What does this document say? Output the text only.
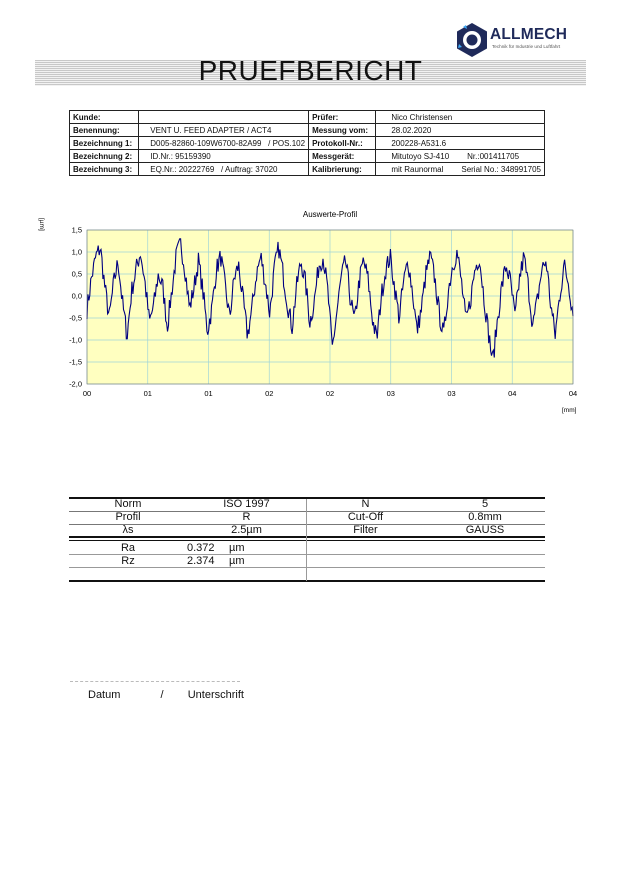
ALLMECH
Technik für Industrie und Luftfahrt
PRUEFBERICHT
Kunde:		Prüfer:	Nico Christensen
Benennung:	VENT U. FEED ADAPTER / ACT4	Messung vom:	28.02.2020
Bezeichnung 1:	D005-82860-109W6700-82A99 / POS.102	Protokoll-Nr.:	200228-A531.6
Bezeichnung 2:	ID.Nr.: 95159390	Messgerät:	Mitutoyo SJ-410 Nr.:001411705
Bezeichnung 3:	EQ.Nr.: 20222769 / Auftrag: 37020	Kalibrierung:	mit Raunormal Serial No.: 348991705
Auswerte-Profil
[µm]
[mm]
1,5
1,0
0,5
0,0
-0,5
-1,0
-1,5
-2,0
00	01	01	02	02	03	03	04	04
Norm	ISO 1997	N	5
Profil	R	Cut-Off	0.8mm
λs	2.5µm	Filter	GAUSS
Ra	0.372	µm
Rz	2.374	µm
Datum	/ Unterschrift
